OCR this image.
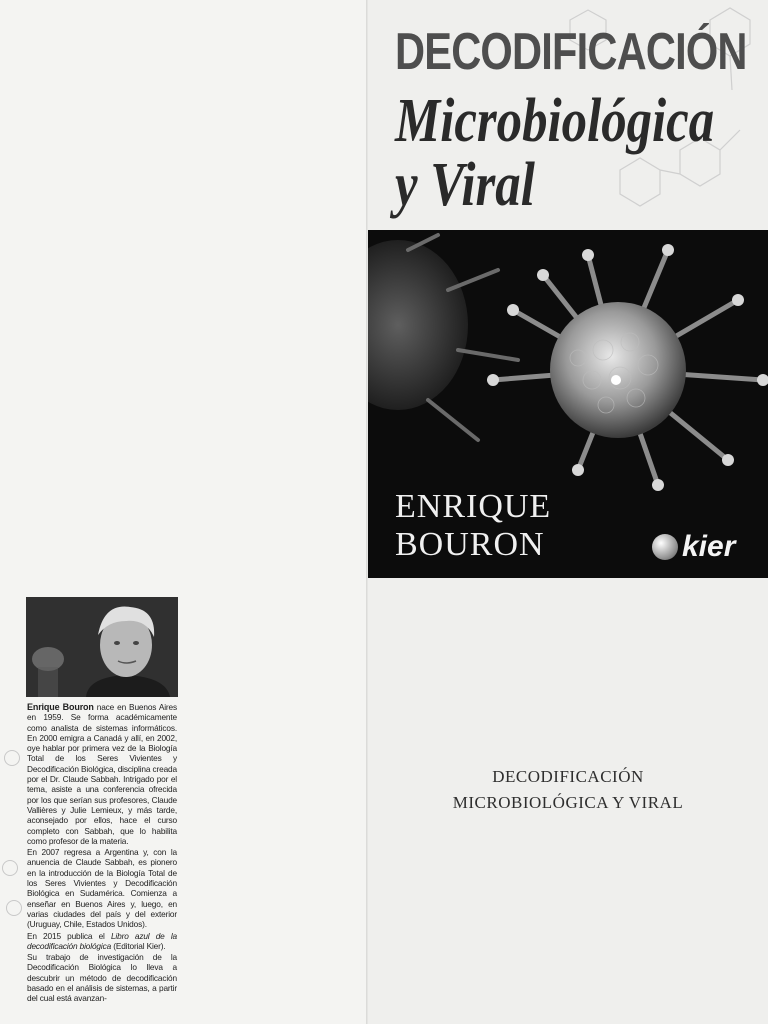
DECODIFICACIÓN
Microbiológica
y Viral
ENRIQUE
BOURON	kier
DECODIFICACIÓN
MICROBIOLÓGICA Y VIRAL

Enrique Bouron nace en Buenos Aires en 1959. Se forma académicamente como analista de sistemas informáticos. En 2000 emigra a Canadá y allí, en 2002, oye hablar por primera vez de la Biología Total de los Seres Vivientes y Decodificación Biológica, disciplina creada por el Dr. Claude Sabbah. Intrigado por el tema, asiste a una conferencia ofrecida por los que serían sus profesores, Claude Vallières y Julie Lemieux, y más tarde, aconsejado por ellos, hace el curso completo con Sabbah, que lo habilita como profesor de la materia.

En 2007 regresa a Argentina y, con la anuencia de Claude Sabbah, es pionero en la introducción de la Biología Total de los Seres Vivientes y Decodificación Biológica en Sudamérica. Comienza a enseñar en Buenos Aires y, luego, en varias ciudades del país y del exterior (Uruguay, Chile, Estados Unidos).

En 2015 publica el Libro azul de la decodificación biológica (Editorial Kier).

Su trabajo de investigación de la Decodificación Biológica lo lleva a descubrir un método de decodificación basado en el análisis de sistemas, a partir del cual está avanzan-
